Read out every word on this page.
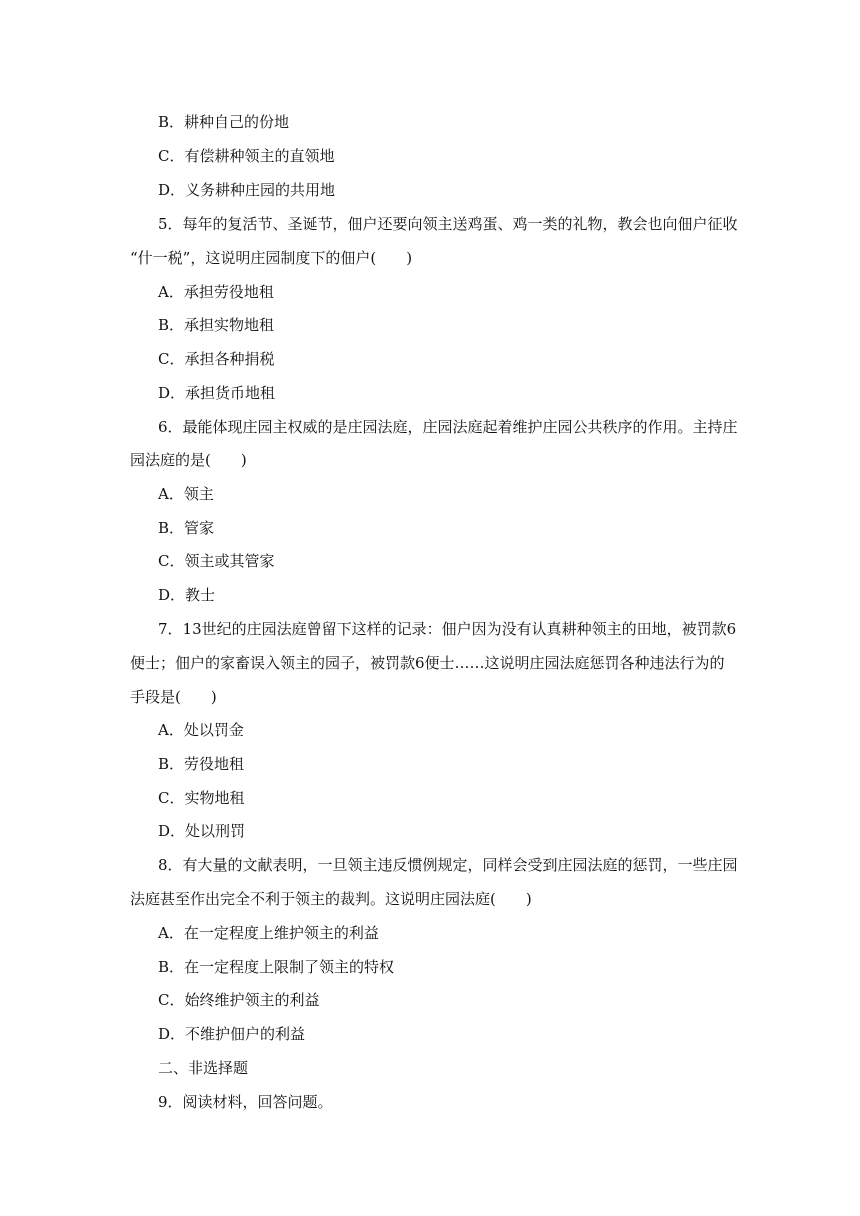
B．耕种自己的份地
C．有偿耕种领主的直领地
D．义务耕种庄园的共用地
5．每年的复活节、圣诞节，佃户还要向领主送鸡蛋、鸡一类的礼物，教会也向佃户征收
“什一税”，这说明庄园制度下的佃户(　　)
A．承担劳役地租
B．承担实物地租
C．承担各种捐税
D．承担货币地租
6．最能体现庄园主权威的是庄园法庭，庄园法庭起着维护庄园公共秩序的作用。主持庄
园法庭的是(　　)
A．领主
B．管家
C．领主或其管家
D．教士
7．13世纪的庄园法庭曾留下这样的记录：佃户因为没有认真耕种领主的田地，被罚款6
便士；佃户的家畜误入领主的园子，被罚款6便士……这说明庄园法庭惩罚各种违法行为的
手段是(　　)
A．处以罚金
B．劳役地租
C．实物地租
D．处以刑罚
8．有大量的文献表明，一旦领主违反惯例规定，同样会受到庄园法庭的惩罚，一些庄园
法庭甚至作出完全不利于领主的裁判。这说明庄园法庭(　　)
A．在一定程度上维护领主的利益
B．在一定程度上限制了领主的特权
C．始终维护领主的利益
D．不维护佃户的利益
二、非选择题
9．阅读材料，回答问题。
